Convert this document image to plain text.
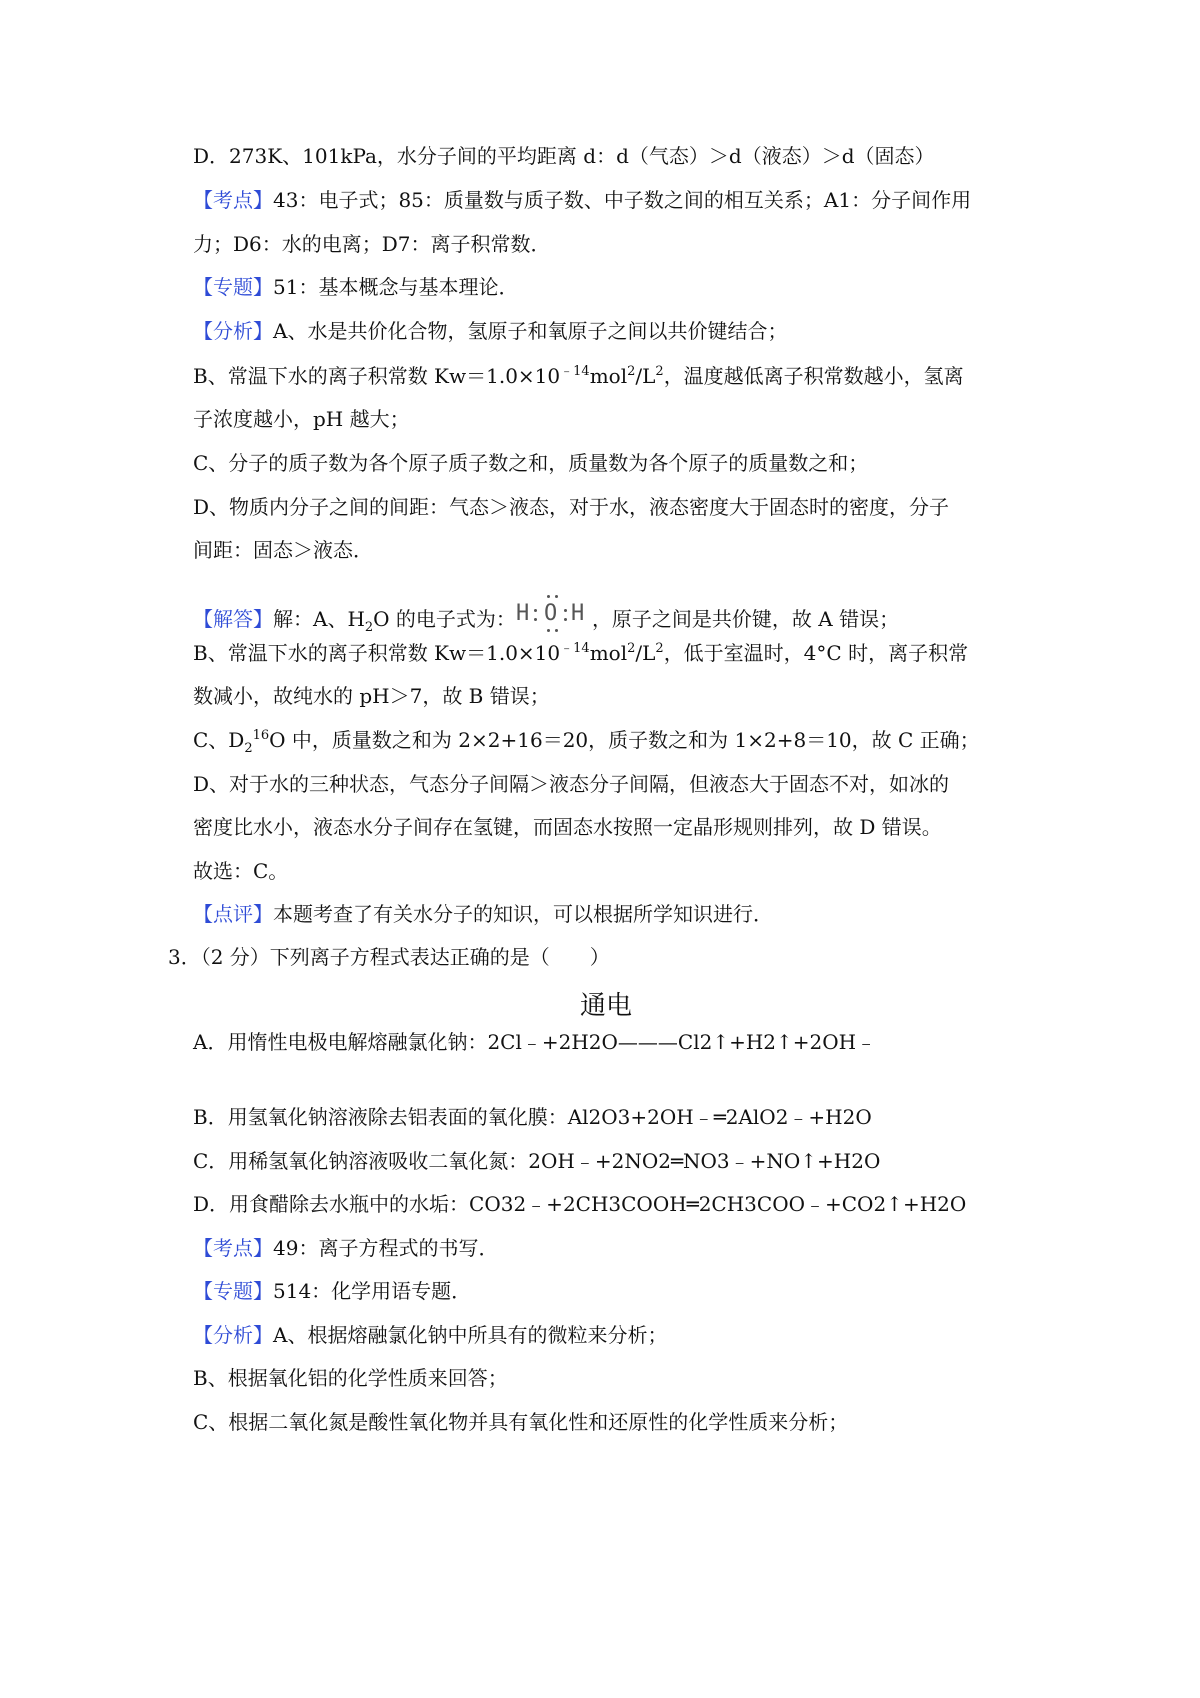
D．273K、101kPa，水分子间的平均距离 d：d（气态）＞d（液态）＞d（固态）
【考点】43：电子式；85：质量数与质子数、中子数之间的相互关系；A1：分子间作用
力；D6：水的电离；D7：离子积常数．
【专题】51：基本概念与基本理论．
【分析】A、水是共价化合物，氢原子和氧原子之间以共价键结合；
B、常温下水的离子积常数 $Kw=1.0\times 10^{﹣14}mol^2/L^2$，温度越低离子积常数越小，氢离
子浓度越小，pH 越大；
C、分子的质子数为各个原子质子数之和，质量数为各个原子的质量数之和；
D、物质内分子之间的间距：气态＞液态，对于水，液态密度大于固态时的密度，分子
间距：固态＞液态．
【解答】解：A、$H_2O$ 的电子式为： H O H ，原子之间是共价键，故 A 错误；
B、常温下水的离子积常数 $Kw=1.0\times 10^{﹣14}mol^2/L^2$，低于室温时，4°C 时，离子积常
数减小，故纯水的 pH＞7，故 B 错误；
C、$D_2^{16}O$ 中，质量数之和为 2×2+16＝20，质子数之和为 1×2+8＝10，故 C 正确；
D、对于水的三种状态，气态分子间隔＞液态分子间隔，但液态大于固态不对，如冰的
密度比水小，液态水分子间存在氢键，而固态水按照一定晶形规则排列，故 D 错误。
故选：C。
【点评】本题考查了有关水分子的知识，可以根据所学知识进行．
3．（2 分）下列离子方程式表达正确的是（　　）
通电
A．用惰性电极电解熔融氯化钠：2Cl﹣+2H2O———Cl2↑+H2↑+2OH﹣
B．用氢氧化钠溶液除去铝表面的氧化膜：Al2O3+2OH﹣═2AlO2﹣+H2O
C．用稀氢氧化钠溶液吸收二氧化氮：2OH﹣+2NO2═NO3﹣+NO↑+H2O
D．用食醋除去水瓶中的水垢：CO32﹣+2CH3COOH═2CH3COO﹣+CO2↑+H2O
【考点】49：离子方程式的书写．
【专题】514：化学用语专题．
【分析】A、根据熔融氯化钠中所具有的微粒来分析；
B、根据氧化铝的化学性质来回答；
C、根据二氧化氮是酸性氧化物并具有氧化性和还原性的化学性质来分析；
